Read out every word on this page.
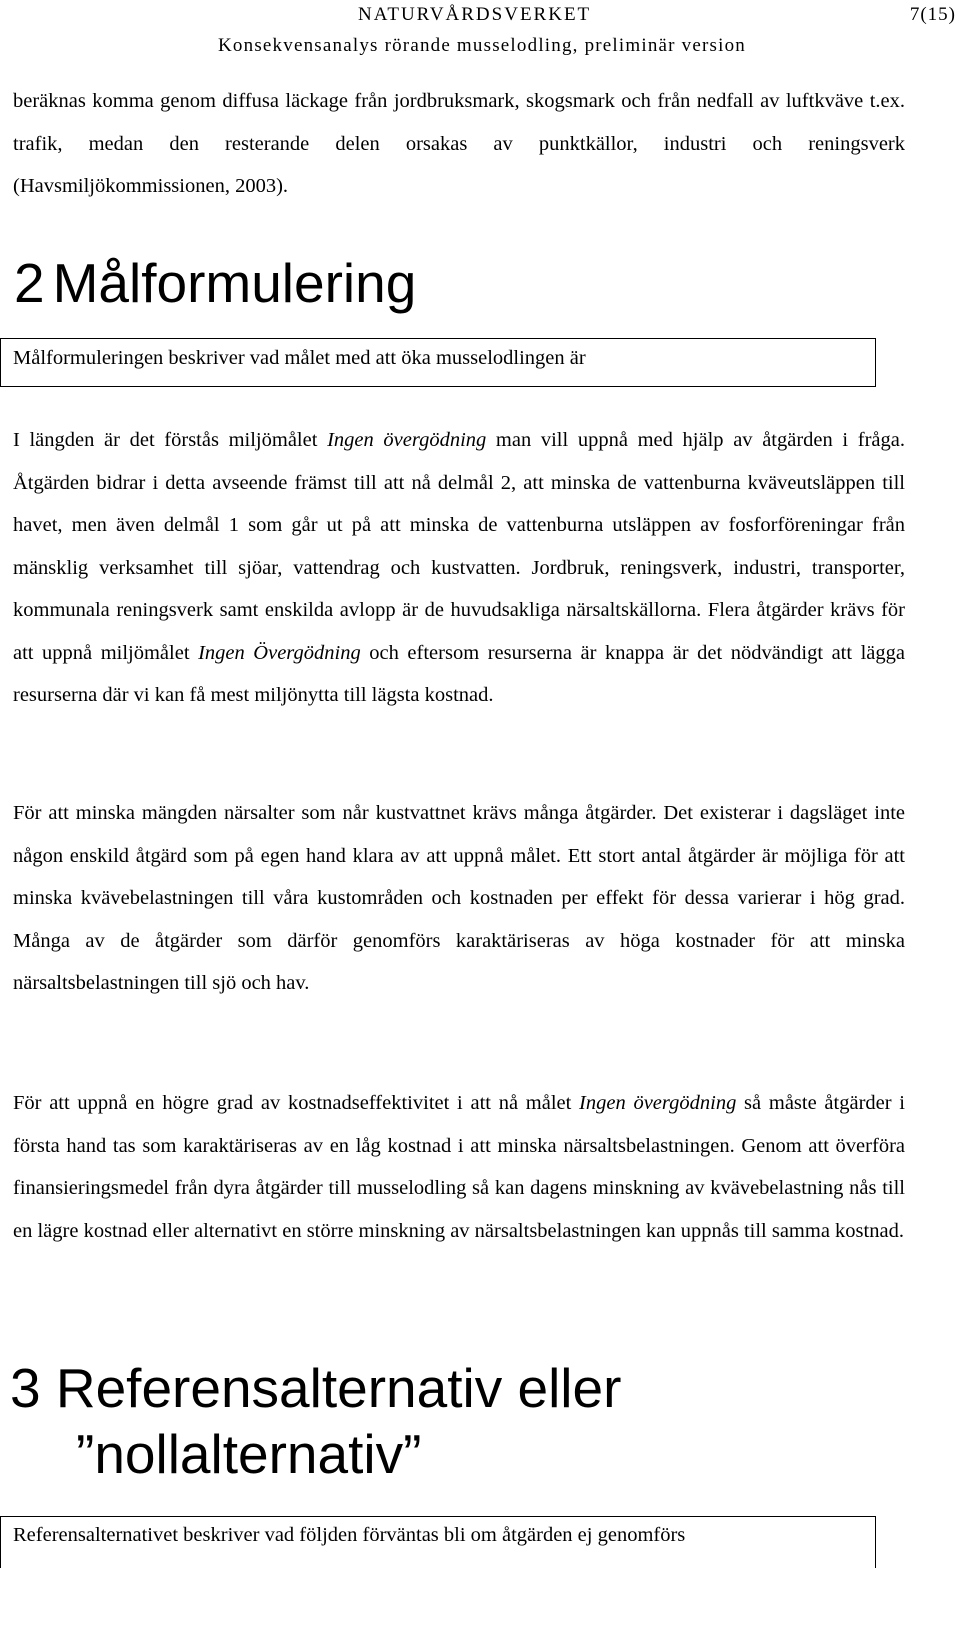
NATURVÅRDSVERKET	7(15)
Konsekvensanalys rörande musselodling, preliminär version

beräknas komma genom diffusa läckage från jordbruksmark, skogsmark och från nedfall av luftkväve t.ex. trafik, medan den resterande delen orsakas av punktkällor, industri och reningsverk (Havsmiljökommissionen, 2003).

2 Målformulering
Målformuleringen beskriver vad målet med att öka musselodlingen är

I längden är det förstås miljömålet Ingen övergödning man vill uppnå med hjälp av åtgärden i fråga. Åtgärden bidrar i detta avseende främst till att nå delmål 2, att minska de vattenburna kväveutsläppen till havet, men även delmål 1 som går ut på att minska de vattenburna utsläppen av fosforföreningar från mänsklig verksamhet till sjöar, vattendrag och kustvatten. Jordbruk, reningsverk, industri, transporter, kommunala reningsverk samt enskilda avlopp är de huvudsakliga närsaltskällorna. Flera åtgärder krävs för att uppnå miljömålet Ingen Övergödning och eftersom resurserna är knappa är det nödvändigt att lägga resurserna där vi kan få mest miljönytta till lägsta kostnad.

För att minska mängden närsalter som når kustvattnet krävs många åtgärder. Det existerar i dagsläget inte någon enskild åtgärd som på egen hand klara av att uppnå målet. Ett stort antal åtgärder är möjliga för att minska kvävebelastningen till våra kustområden och kostnaden per effekt för dessa varierar i hög grad. Många av de åtgärder som därför genomförs karaktäriseras av höga kostnader för att minska närsaltsbelastningen till sjö och hav.

För att uppnå en högre grad av kostnadseffektivitet i att nå målet Ingen övergödning så måste åtgärder i första hand tas som karaktäriseras av en låg kostnad i att minska närsaltsbelastningen. Genom att överföra finansieringsmedel från dyra åtgärder till musselodling så kan dagens minskning av kvävebelastning nås till en lägre kostnad eller alternativt en större minskning av närsaltsbelastningen kan uppnås till samma kostnad.

3 Referensalternativ eller
”nollalternativ”
Referensalternativet beskriver vad följden förväntas bli om åtgärden ej genomförs
